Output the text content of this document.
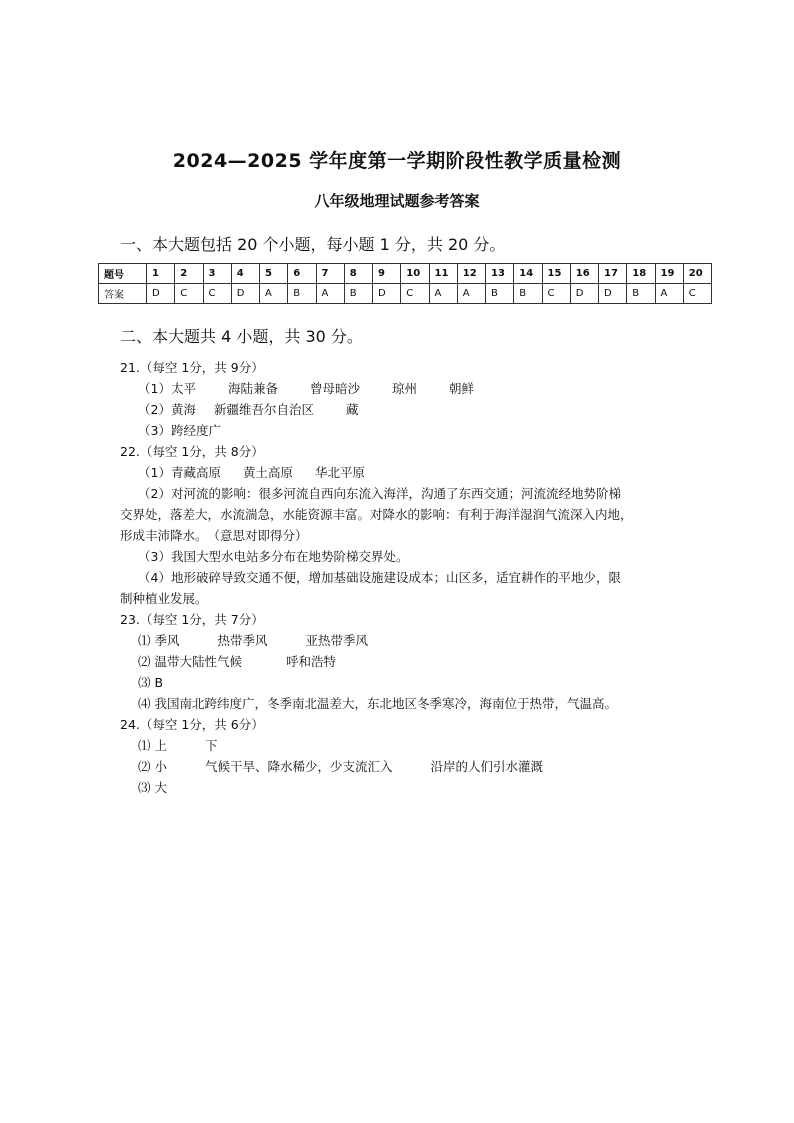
2024—2025 学年度第一学期阶段性教学质量检测
八年级地理试题参考答案
一、本大题包括 20 个小题，每小题 1 分，共 20 分。
题号	1	2	3	4	5	6	7	8	9	10	11	12	13	14	15	16	17	18	19	20
答案	D	C	C	D	A	B	A	B	D	C	A	A	B	B	C	D	D	B	A	C
二、本大题共 4 小题，共 30 分。
21.（每空 1分，共 9分）
（1）太平	海陆兼备	曾母暗沙	琼州	朝鲜
（2）黄海 新疆维吾尔自治区	藏
（3）跨经度广
22.（每空 1分，共 8分）
（1）青藏高原 黄土高原 华北平原
（2）对河流的影响：很多河流自西向东流入海洋，沟通了东西交通；河流流经地势阶梯
交界处，落差大，水流湍急，水能资源丰富。对降水的影响：有利于海洋湿润气流深入内地，
形成丰沛降水。　（意思对即得分）
（3）我国大型水电站多分布在地势阶梯交界处。
（4）地形破碎导致交通不便，增加基础设施建设成本；山区多，适宜耕作的平地少，限
制种植业发展。
23.（每空 1分，共 7分）
⑴ 季风	热带季风	亚热带季风
⑵ 温带大陆性气候	呼和浩特
⑶ B
⑷ 我国南北跨纬度广，冬季南北温差大，东北地区冬季寒冷，海南位于热带，气温高。
24.（每空 1分，共 6分）
⑴ 上	下
⑵ 小	气候干旱、降水稀少，少支流汇入	沿岸的人们引水灌溉
⑶ 大
